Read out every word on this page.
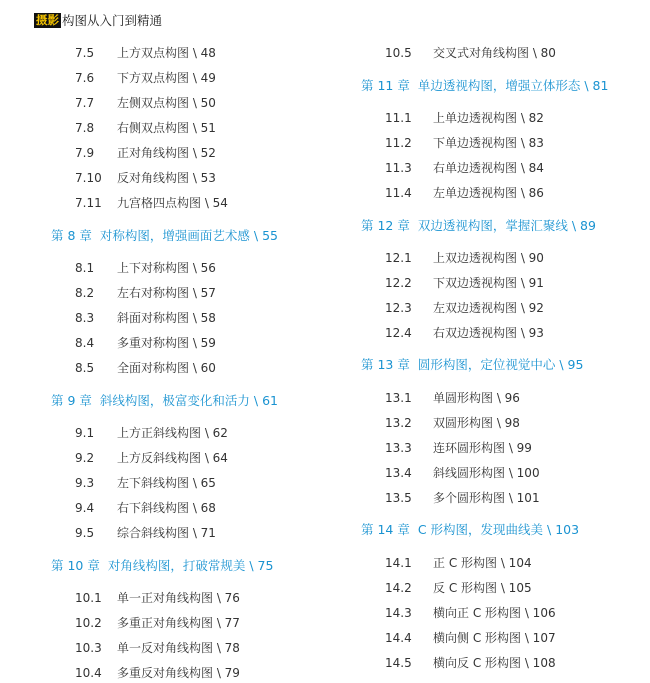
摄影 构图从入门到精通
7.5 上方双点构图 \ 48
7.6 下方双点构图 \ 49
7.7 左侧双点构图 \ 50
7.8 右侧双点构图 \ 51
7.9 正对角线构图 \ 52
7.10 反对角线构图 \ 53
7.11 九宫格四点构图 \ 54
第 8 章 对称构图，增强画面艺术感 \ 55
8.1 上下对称构图 \ 56
8.2 左右对称构图 \ 57
8.3 斜面对称构图 \ 58
8.4 多重对称构图 \ 59
8.5 全面对称构图 \ 60
第 9 章 斜线构图，极富变化和活力 \ 61
9.1 上方正斜线构图 \ 62
9.2 上方反斜线构图 \ 64
9.3 左下斜线构图 \ 65
9.4 右下斜线构图 \ 68
9.5 综合斜线构图 \ 71
第 10 章 对角线构图，打破常规美 \ 75
10.1 单一正对角线构图 \ 76
10.2 多重正对角线构图 \ 77
10.3 单一反对角线构图 \ 78
10.4 多重反对角线构图 \ 79
10.5 交叉式对角线构图 \ 80
第 11 章 单边透视构图，增强立体形态 \ 81
11.1 上单边透视构图 \ 82
11.2 下单边透视构图 \ 83
11.3 右单边透视构图 \ 84
11.4 左单边透视构图 \ 86
第 12 章 双边透视构图，掌握汇聚线 \ 89
12.1 上双边透视构图 \ 90
12.2 下双边透视构图 \ 91
12.3 左双边透视构图 \ 92
12.4 右双边透视构图 \ 93
第 13 章 圆形构图，定位视觉中心 \ 95
13.1 单圆形构图 \ 96
13.2 双圆形构图 \ 98
13.3 连环圆形构图 \ 99
13.4 斜线圆形构图 \ 100
13.5 多个圆形构图 \ 101
第 14 章 C 形构图，发现曲线美 \ 103
14.1 正 C 形构图 \ 104
14.2 反 C 形构图 \ 105
14.3 横向正 C 形构图 \ 106
14.4 横向侧 C 形构图 \ 107
14.5 横向反 C 形构图 \ 108
